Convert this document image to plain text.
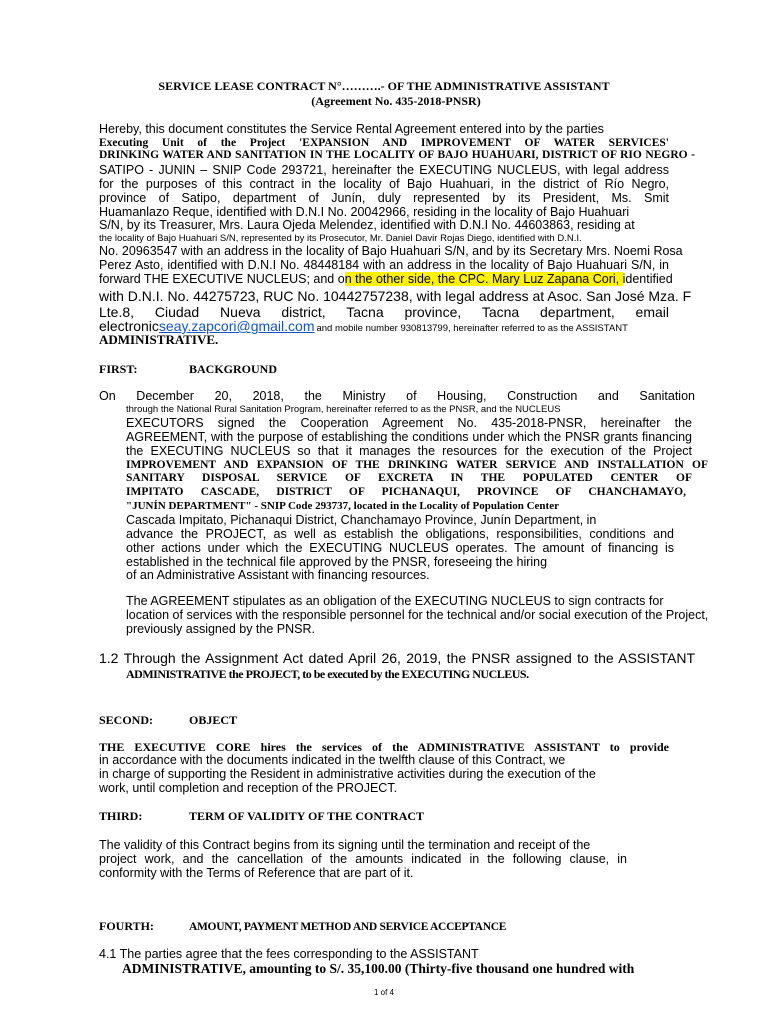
SERVICE LEASE CONTRACT N°……….- OF THE ADMINISTRATIVE ASSISTANT
(Agreement No. 435-2018-PNSR)
Hereby, this document constitutes the Service Rental Agreement entered into by the parties
Executing Unit of the Project 'EXPANSION AND IMPROVEMENT OF WATER SERVICES'
DRINKING WATER AND SANITATION IN THE LOCALITY OF BAJO HUAHUARI, DISTRICT OF RIO NEGRO -
SATIPO - JUNIN – SNIP Code 293721, hereinafter the EXECUTING NUCLEUS, with legal address
for the purposes of this contract in the locality of Bajo Huahuari, in the district of Río Negro,
province of Satipo, department of Junín, duly represented by its President, Ms. Smit
Huamanlazo Reque, identified with D.N.I No. 20042966, residing in the locality of Bajo Huahuari
S/N, by its Treasurer, Mrs. Laura Ojeda Melendez, identified with D.N.I No. 44603863, residing at
the locality of Bajo Huahuari S/N, represented by its Prosecutor, Mr. Daniel Davir Rojas Diego, identified with D.N.I.
No. 20963547 with an address in the locality of Bajo Huahuari S/N, and by its Secretary Mrs. Noemi Rosa
Perez Asto, identified with D.N.I No. 48448184 with an address in the locality of Bajo Huahuari S/N, in
forward THE EXECUTIVE NUCLEUS; and on the other side, the CPC. Mary Luz Zapana Cori, identified
with D.N.I. No. 44275723, RUC No. 10442757238, with legal address at Asoc. San José Mza. F
Lte.8, Ciudad Nueva district, Tacna province, Tacna department, email
electronicseay.zapcori@gmail.com and mobile number 930813799, hereinafter referred to as the ASSISTANT
ADMINISTRATIVE.
FIRST:	BACKGROUND
On December 20, 2018, the Ministry of Housing, Construction and Sanitation
through the National Rural Sanitation Program, hereinafter referred to as the PNSR, and the NUCLEUS
EXECUTORS signed the Cooperation Agreement No. 435-2018-PNSR, hereinafter the
AGREEMENT, with the purpose of establishing the conditions under which the PNSR grants financing
the EXECUTING NUCLEUS so that it manages the resources for the execution of the Project
IMPROVEMENT AND EXPANSION OF THE DRINKING WATER SERVICE AND INSTALLATION OF
SANITARY DISPOSAL SERVICE OF EXCRETA IN THE POPULATED CENTER OF
IMPITATO CASCADE, DISTRICT OF PICHANAQUI, PROVINCE OF CHANCHAMAYO,
"JUNÍN DEPARTMENT" - SNIP Code 293737, located in the Locality of Population Center
Cascada Impitato, Pichanaqui District, Chanchamayo Province, Junín Department, in
advance the PROJECT, as well as establish the obligations, responsibilities, conditions and
other actions under which the EXECUTING NUCLEUS operates. The amount of financing is
established in the technical file approved by the PNSR, foreseeing the hiring
of an Administrative Assistant with financing resources.
The AGREEMENT stipulates as an obligation of the EXECUTING NUCLEUS to sign contracts for
location of services with the responsible personnel for the technical and/or social execution of the Project,
previously assigned by the PNSR.
1.2 Through the Assignment Act dated April 26, 2019, the PNSR assigned to the ASSISTANT
ADMINISTRATIVE the PROJECT, to be executed by the EXECUTING NUCLEUS.
SECOND:	OBJECT
THE EXECUTIVE CORE hires the services of the ADMINISTRATIVE ASSISTANT to provide
in accordance with the documents indicated in the twelfth clause of this Contract, we
in charge of supporting the Resident in administrative activities during the execution of the
work, until completion and reception of the PROJECT.
THIRD:	TERM OF VALIDITY OF THE CONTRACT
The validity of this Contract begins from its signing until the termination and receipt of the
project work, and the cancellation of the amounts indicated in the following clause, in
conformity with the Terms of Reference that are part of it.
FOURTH:	AMOUNT, PAYMENT METHOD AND SERVICE ACCEPTANCE
4.1 The parties agree that the fees corresponding to the ASSISTANT
ADMINISTRATIVE, amounting to S/. 35,100.00 (Thirty-five thousand one hundred with
1 of 4
